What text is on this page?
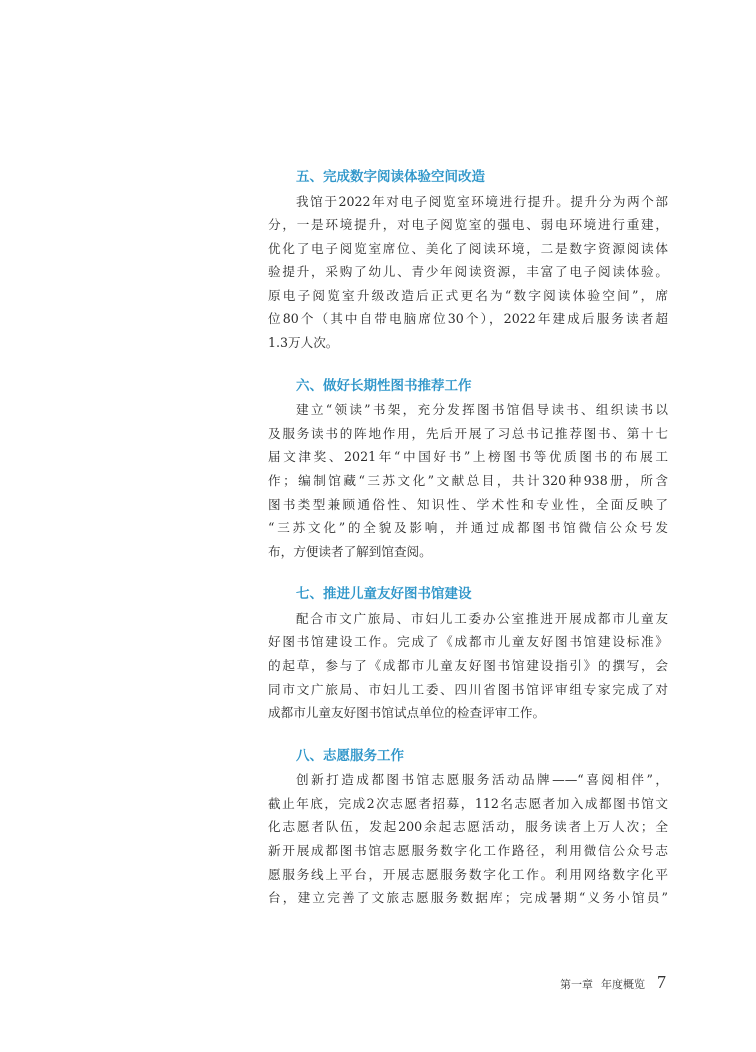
五、完成数字阅读体验空间改造

我馆于2022年对电子阅览室环境进行提升。提升分为两个部
分，一是环境提升，对电子阅览室的强电、弱电环境进行重建，
优化了电子阅览室席位、美化了阅读环境，二是数字资源阅读体
验提升，采购了幼儿、青少年阅读资源，丰富了电子阅读体验。
原电子阅览室升级改造后正式更名为“数字阅读体验空间”，席
位80个（其中自带电脑席位30个），2022年建成后服务读者超
1.3万人次。

六、做好长期性图书推荐工作

建立“领读”书架，充分发挥图书馆倡导读书、组织读书以
及服务读书的阵地作用，先后开展了习总书记推荐图书、第十七
届文津奖、2021年“中国好书”上榜图书等优质图书的布展工
作；编制馆藏“三苏文化”文献总目，共计320种938册，所含
图书类型兼顾通俗性、知识性、学术性和专业性，全面反映了
“三苏文化”的全貌及影响，并通过成都图书馆微信公众号发
布，方便读者了解到馆查阅。

七、推进儿童友好图书馆建设

配合市文广旅局、市妇儿工委办公室推进开展成都市儿童友
好图书馆建设工作。完成了《成都市儿童友好图书馆建设标准》
的起草，参与了《成都市儿童友好图书馆建设指引》的撰写，会
同市文广旅局、市妇儿工委、四川省图书馆评审组专家完成了对
成都市儿童友好图书馆试点单位的检查评审工作。

八、志愿服务工作

创新打造成都图书馆志愿服务活动品牌——“喜阅相伴”，
截止年底，完成2次志愿者招募，112名志愿者加入成都图书馆文
化志愿者队伍，发起200余起志愿活动，服务读者上万人次；全
新开展成都图书馆志愿服务数字化工作路径，利用微信公众号志
愿服务线上平台，开展志愿服务数字化工作。利用网络数字化平
台，建立完善了文旅志愿服务数据库；完成暑期“义务小馆员”

第一章 年度概览 7
